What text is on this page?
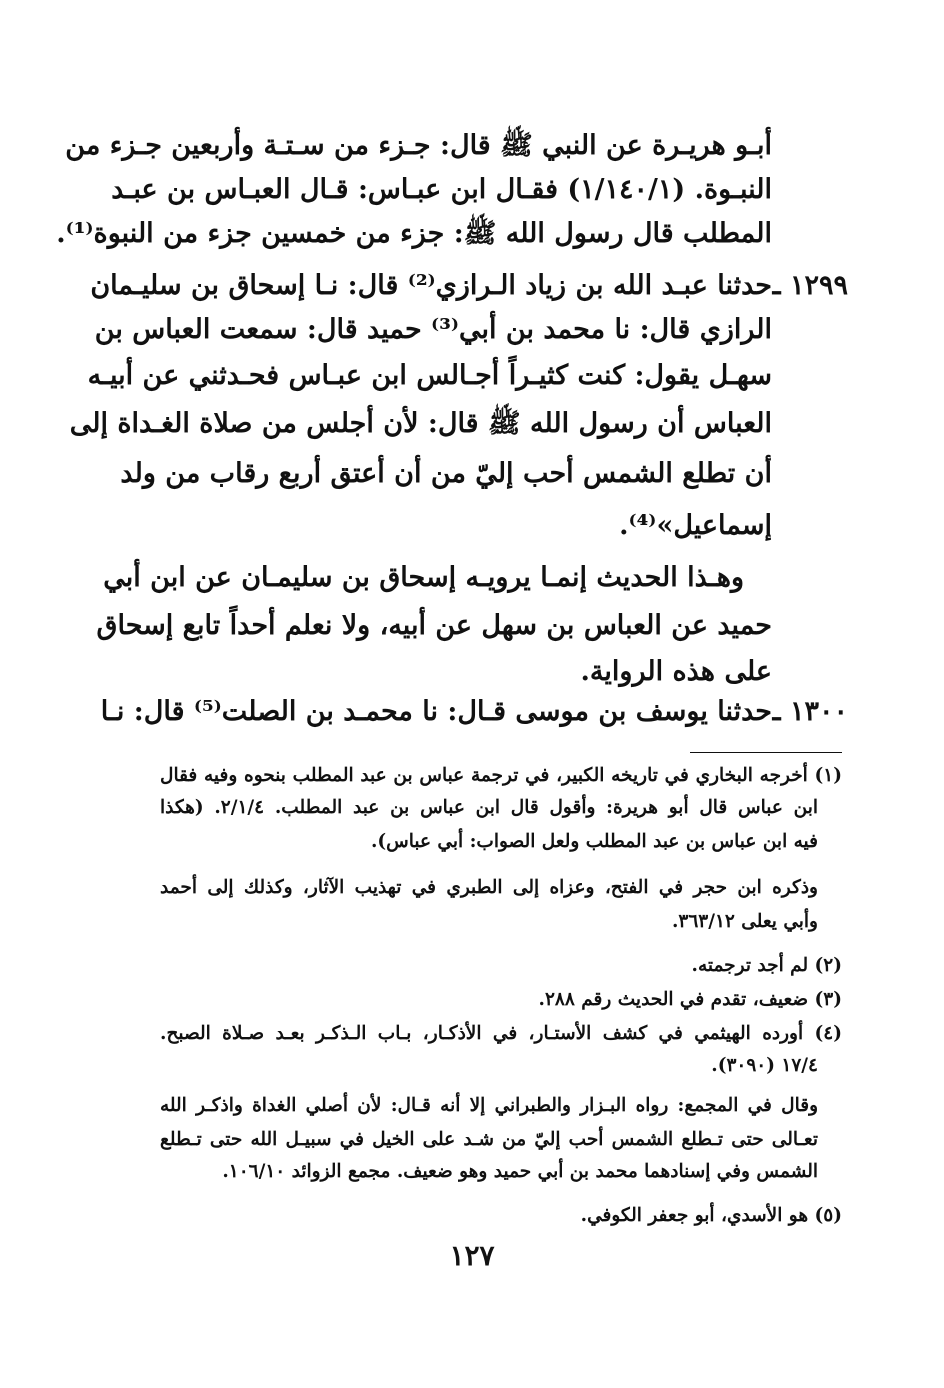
أبـو هريـرة عن النبي ﷺ قال: جـزء من سـتـة وأربعين جـزء من

النبـوة. (١/١٤٠/١) فقـال ابن عبـاس: قـال العبـاس بن عبـد

المطلب قال رسول الله ﷺ: جزء من خمسين جزء من النبوة⁽¹⁾.

١٢٩٩ ـ

حدثنا عبـد الله بن زياد الـرازي⁽²⁾ قال: نـا إسحاق بن سليـمان

الرازي قال: نا محمد بن أبي⁽³⁾ حميد قال: سمعت العباس بن

سهـل يقول: كنت كثيـراً أجـالس ابن عبـاس فحـدثني عن أبيـه

العباس أن رسول الله ﷺ قال: لأن أجلس من صلاة الغـداة إلى

أن تطلع الشمس أحب إليّ من أن أعتق أربع رقاب من ولد

إسماعيل»⁽⁴⁾.

وهـذا الحديث إنمـا يرويـه إسحاق بن سليمـان عن ابن أبي

حميد عن العباس بن سهل عن أبيه، ولا نعلم أحداً تابع إسحاق

على هذه الرواية.

١٣٠٠ ـ

حدثنا يوسف بن موسى قـال: نا محمـد بن الصلت⁽⁵⁾ قال: نـا

(١) أخرجه البخاري في تاريخه الكبير، في ترجمة عباس بن عبد المطلب بنحوه وفيه فقال

ابن عباس قال أبو هريرة: وأقول قال ابن عباس بن عبد المطلب. ٢/١/٤. (هكذا

فيه ابن عباس بن عبد المطلب ولعل الصواب: أبي عباس).

وذكره ابن حجر في الفتح، وعزاه إلى الطبري في تهذيب الآثار، وكذلك إلى أحمد

وأبي يعلى ٣٦٣/١٢.

(٢) لم أجد ترجمته.

(٣) ضعيف، تقدم في الحديث رقم ٢٨٨.

(٤) أورده الهيثمي في كشف الأستـار، في الأذكـار، بـاب الـذكـر بعـد صـلاة الصبح.

١٧/٤ (٣٠٩٠).

وقال في المجمع: رواه البـزار والطبراني إلا أنه قـال: لأن أصلي الغداة واذكـر الله

تعـالى حتى تـطلع الشمس أحب إليّ من شـد على الخيل في سبيـل الله حتى تـطلع

الشمس وفي إسنادهما محمد بن أبي حميد وهو ضعيف. مجمع الزوائد ١٠٦/١٠.

(٥) هو الأسدي، أبو جعفر الكوفي.

١٢٧
